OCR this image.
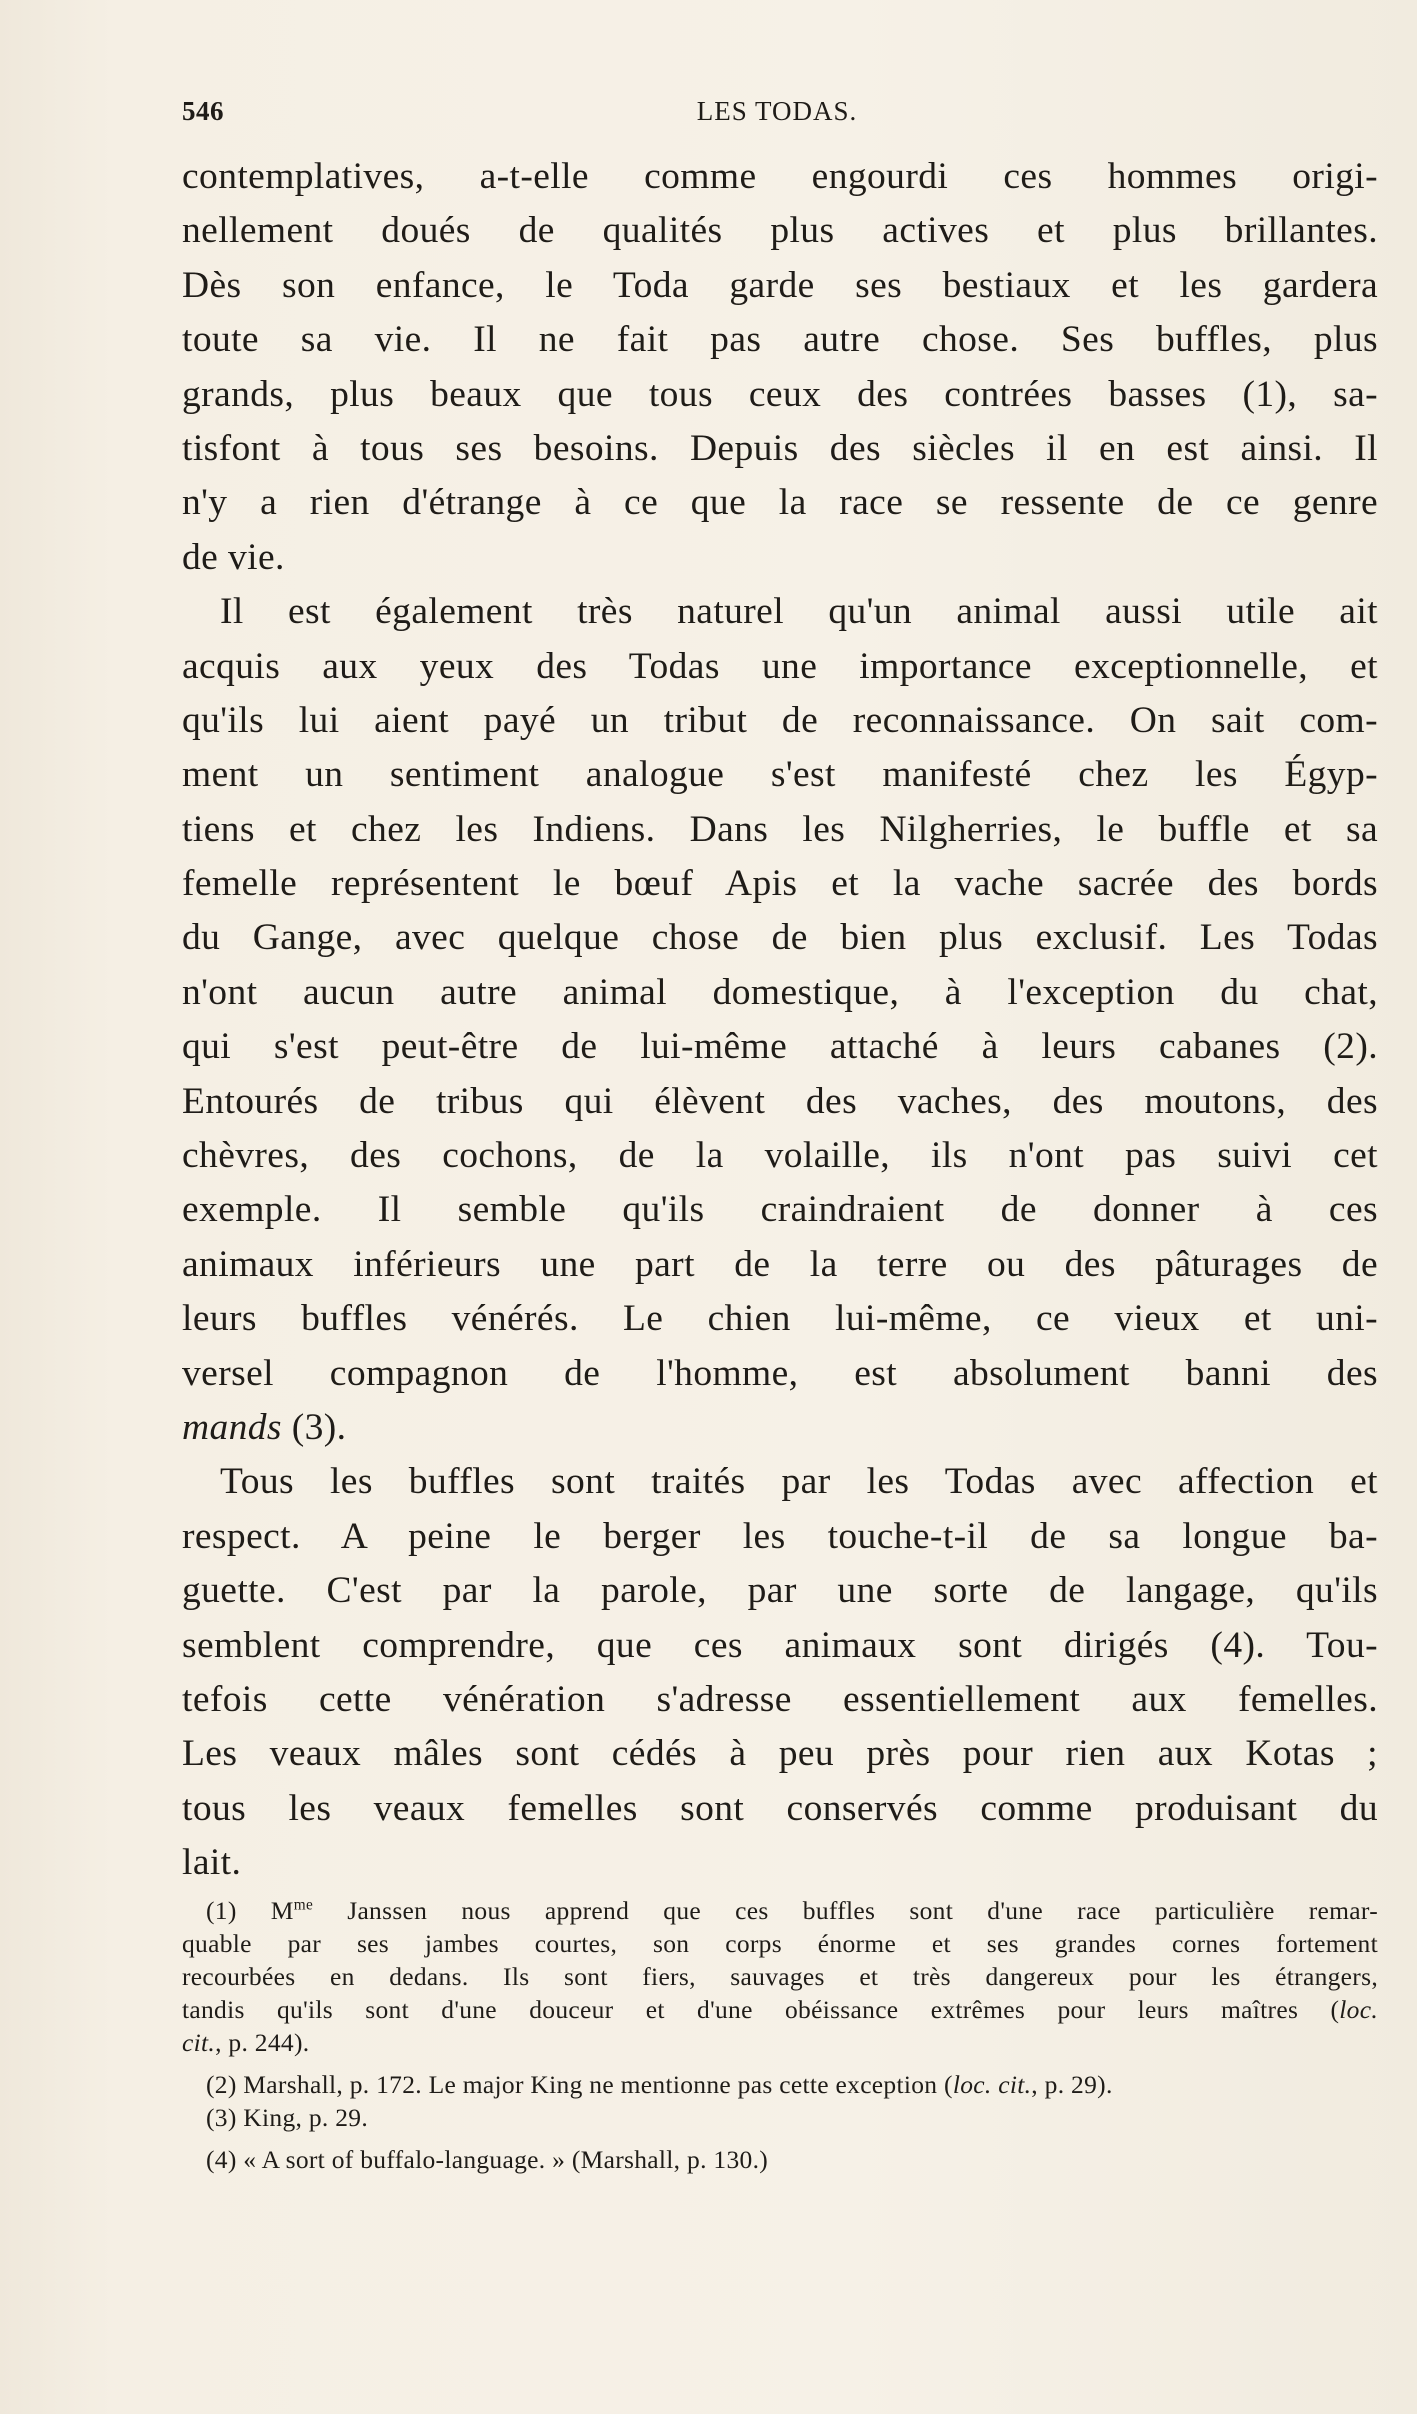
546	LES TODAS.
contemplatives, a-t-elle comme engourdi ces hommes origi-
nellement doués de qualités plus actives et plus brillantes.
Dès son enfance, le Toda garde ses bestiaux et les gardera
toute sa vie. Il ne fait pas autre chose. Ses buffles, plus
grands, plus beaux que tous ceux des contrées basses (1), sa-
tisfont à tous ses besoins. Depuis des siècles il en est ainsi. Il
n'y a rien d'étrange à ce que la race se ressente de ce genre
de vie.
Il est également très naturel qu'un animal aussi utile ait
acquis aux yeux des Todas une importance exceptionnelle, et
qu'ils lui aient payé un tribut de reconnaissance. On sait com-
ment un sentiment analogue s'est manifesté chez les Égyp-
tiens et chez les Indiens. Dans les Nilgherries, le buffle et sa
femelle représentent le bœuf Apis et la vache sacrée des bords
du Gange, avec quelque chose de bien plus exclusif. Les Todas
n'ont aucun autre animal domestique, à l'exception du chat,
qui s'est peut-être de lui-même attaché à leurs cabanes (2).
Entourés de tribus qui élèvent des vaches, des moutons, des
chèvres, des cochons, de la volaille, ils n'ont pas suivi cet
exemple. Il semble qu'ils craindraient de donner à ces
animaux inférieurs une part de la terre ou des pâturages de
leurs buffles vénérés. Le chien lui-même, ce vieux et uni-
versel compagnon de l'homme, est absolument banni des
mands (3).
Tous les buffles sont traités par les Todas avec affection et
respect. A peine le berger les touche-t-il de sa longue ba-
guette. C'est par la parole, par une sorte de langage, qu'ils
semblent comprendre, que ces animaux sont dirigés (4). Tou-
tefois cette vénération s'adresse essentiellement aux femelles.
Les veaux mâles sont cédés à peu près pour rien aux Kotas ;
tous les veaux femelles sont conservés comme produisant du
lait.
(1) $M^{me}$ Janssen nous apprend que ces buffles sont d'une race particulière remar-
quable par ses jambes courtes, son corps énorme et ses grandes cornes fortement
recourbées en dedans. Ils sont fiers, sauvages et très dangereux pour les étrangers,
tandis qu'ils sont d'une douceur et d'une obéissance extrêmes pour leurs maîtres (loc.
cit., p. 244).
(2) Marshall, p. 172. Le major King ne mentionne pas cette exception (loc. cit., p. 29).
(3) King, p. 29.
(4) « A sort of buffalo-language. » (Marshall, p. 130.)
